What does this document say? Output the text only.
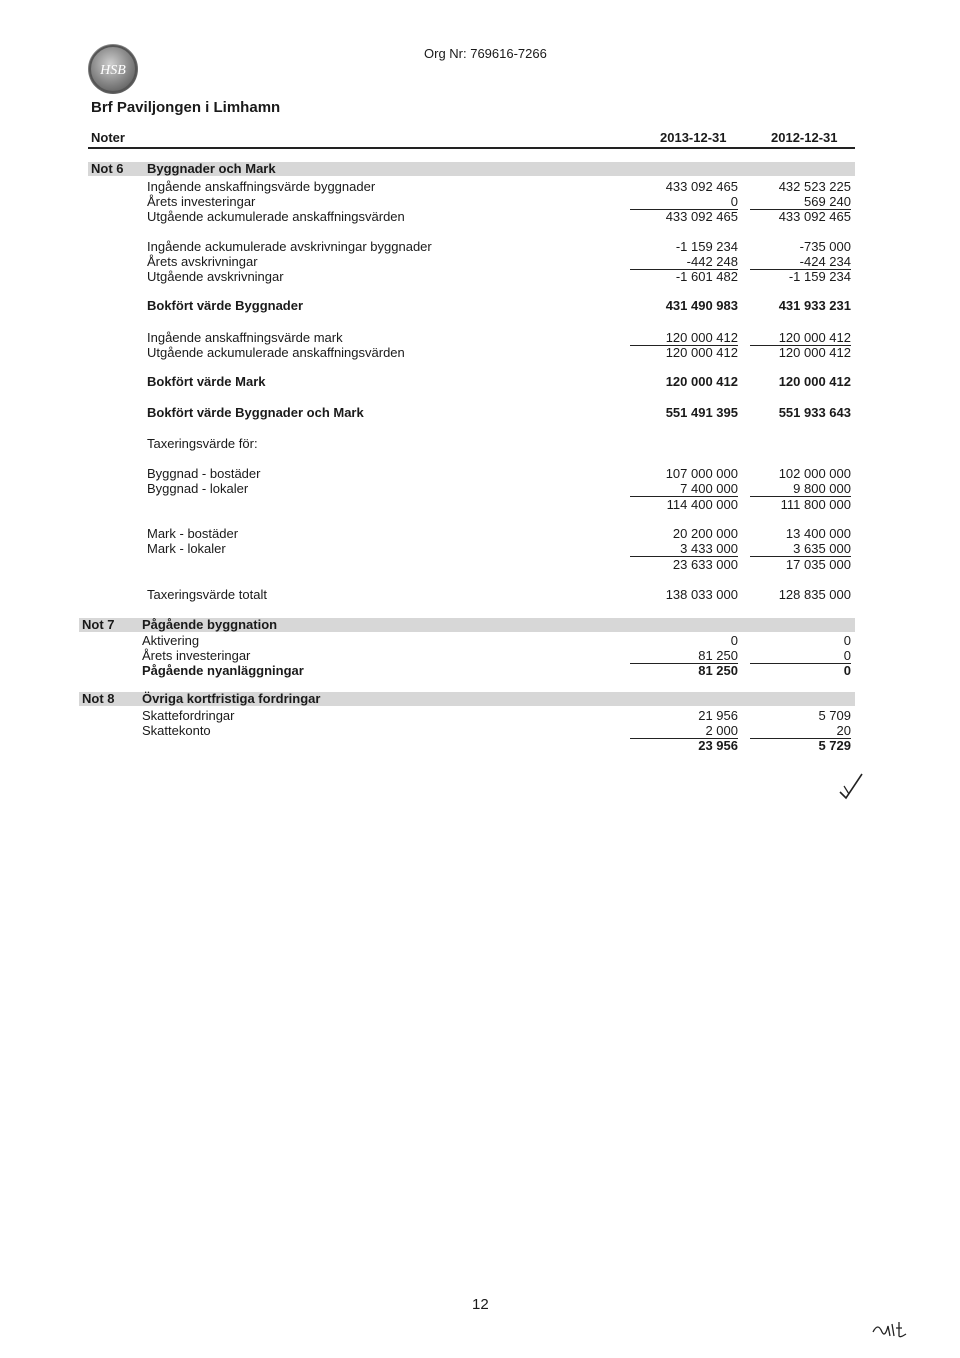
HSB
Org Nr: 769616-7266
Brf Paviljongen i Limhamn
Noter	2013-12-31	2012-12-31
Not 6 Byggnader och Mark
Ingående anskaffningsvärde byggnader	433 092 465	432 523 225
Årets investeringar	0	569 240
Utgående ackumulerade anskaffningsvärden	433 092 465	433 092 465
Ingående ackumulerade avskrivningar byggnader	-1 159 234	-735 000
Årets avskrivningar	-442 248	-424 234
Utgående avskrivningar	-1 601 482	-1 159 234
Bokfört värde Byggnader	431 490 983	431 933 231
Ingående anskaffningsvärde mark	120 000 412	120 000 412
Utgående ackumulerade anskaffningsvärden	120 000 412	120 000 412
Bokfört värde Mark	120 000 412	120 000 412
Bokfört värde Byggnader och Mark	551 491 395	551 933 643
Taxeringsvärde för:
Byggnad - bostäder	107 000 000	102 000 000
Byggnad - lokaler	7 400 000	9 800 000
114 400 000	111 800 000
Mark - bostäder	20 200 000	13 400 000
Mark - lokaler	3 433 000	3 635 000
23 633 000	17 035 000
Taxeringsvärde totalt	138 033 000	128 835 000
Not 7 Pågående byggnation
Aktivering	0	0
Årets investeringar	81 250	0
Pågående nyanläggningar	81 250	0
Not 8 Övriga kortfristiga fordringar
Skattefordringar	21 956	5 709
Skattekonto	2 000	20
23 956	5 729
12
